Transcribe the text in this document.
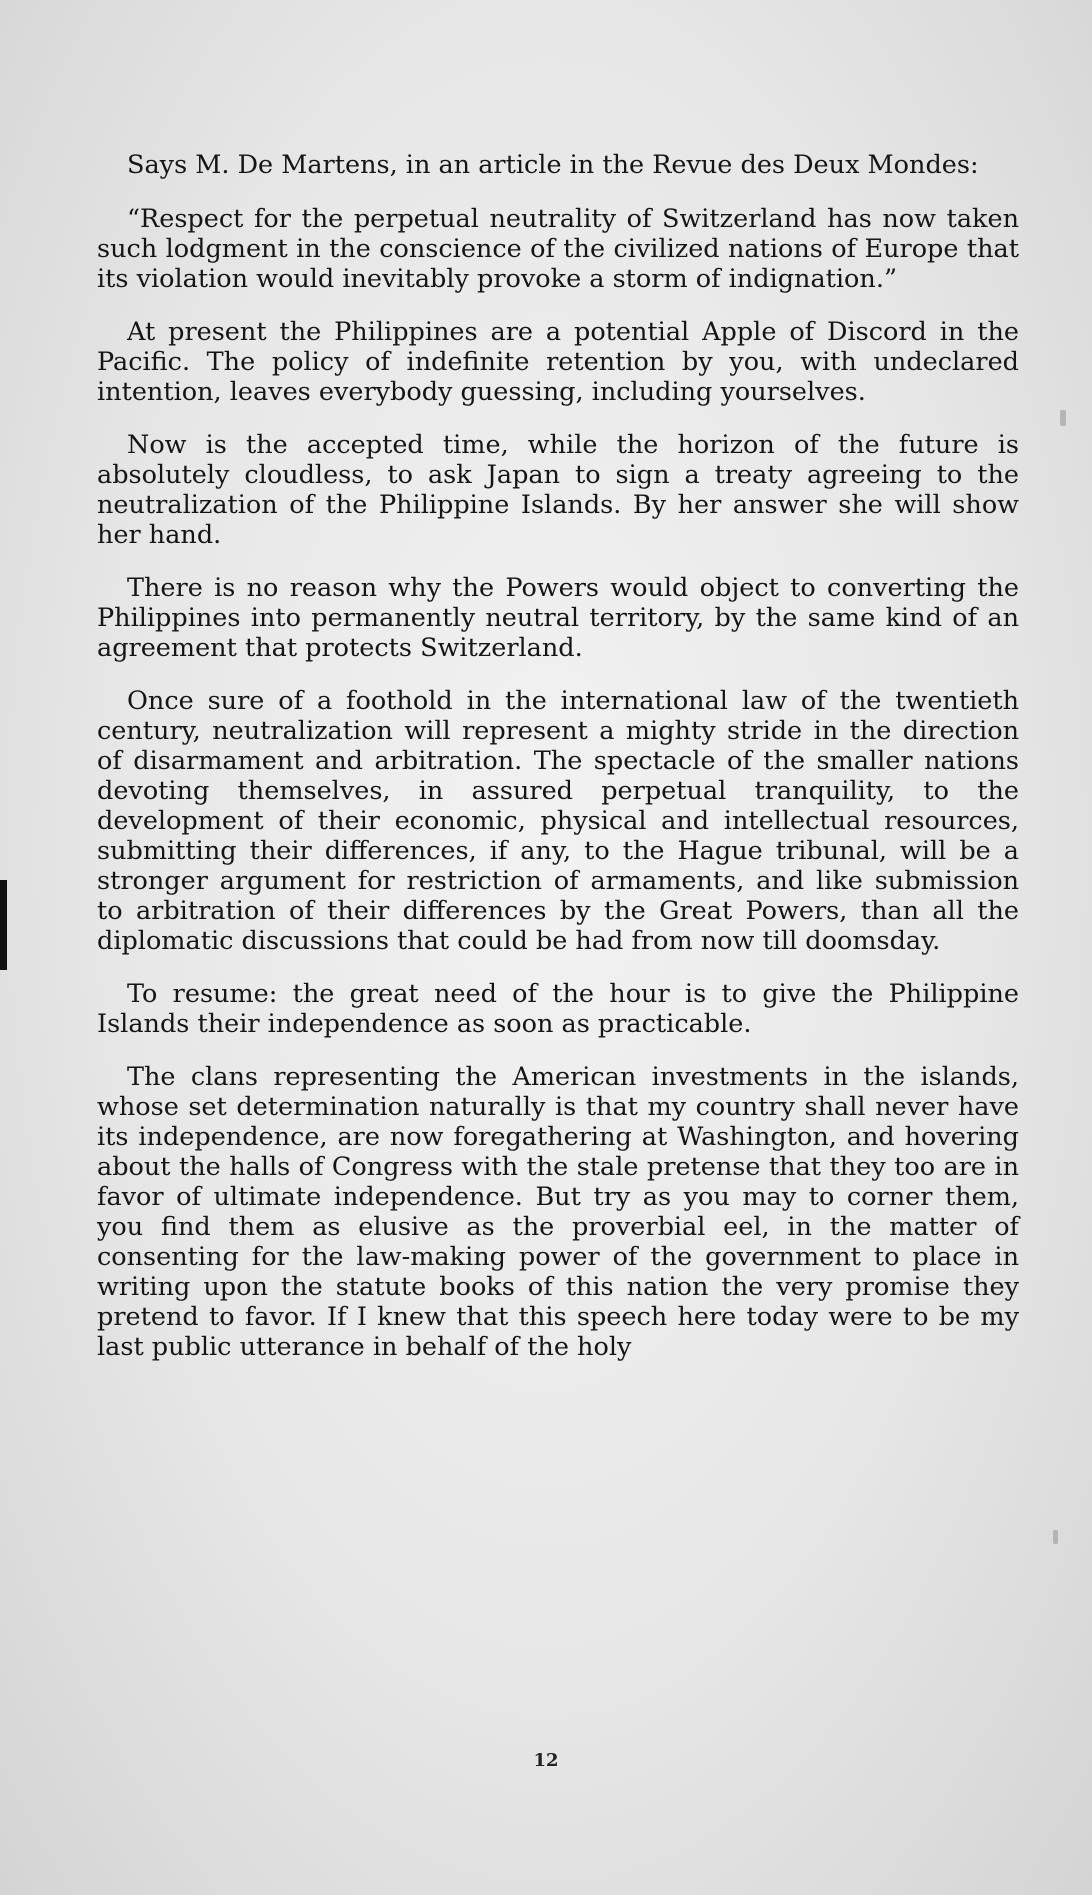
Says M. De Martens, in an article in the Revue des Deux Mondes:

“Respect for the perpetual neutrality of Switzerland has now taken such lodgment in the conscience of the civilized nations of Europe that its violation would inevitably provoke a storm of indignation.”

At present the Philippines are a potential Apple of Discord in the Pacific. The policy of indefinite retention by you, with undeclared intention, leaves everybody guessing, including yourselves.

Now is the accepted time, while the horizon of the future is absolutely cloudless, to ask Japan to sign a treaty agreeing to the neutralization of the Philippine Islands. By her answer she will show her hand.

There is no reason why the Powers would object to converting the Philippines into permanently neutral territory, by the same kind of an agreement that protects Switzerland.

Once sure of a foothold in the international law of the twentieth century, neutralization will represent a mighty stride in the direction of disarmament and arbitration. The spectacle of the smaller nations devoting themselves, in assured perpetual tranquility, to the development of their economic, physical and intellectual resources, submitting their differences, if any, to the Hague tribunal, will be a stronger argument for restriction of armaments, and like submission to arbitration of their differences by the Great Powers, than all the diplomatic discussions that could be had from now till doomsday.

To resume: the great need of the hour is to give the Philippine Islands their independence as soon as practicable.

The clans representing the American investments in the islands, whose set determination naturally is that my country shall never have its independence, are now foregathering at Washington, and hovering about the halls of Congress with the stale pretense that they too are in favor of ultimate independence. But try as you may to corner them, you find them as elusive as the proverbial eel, in the matter of consenting for the law-making power of the government to place in writing upon the statute books of this nation the very promise they pretend to favor. If I knew that this speech here today were to be my last public utterance in behalf of the holy

12
